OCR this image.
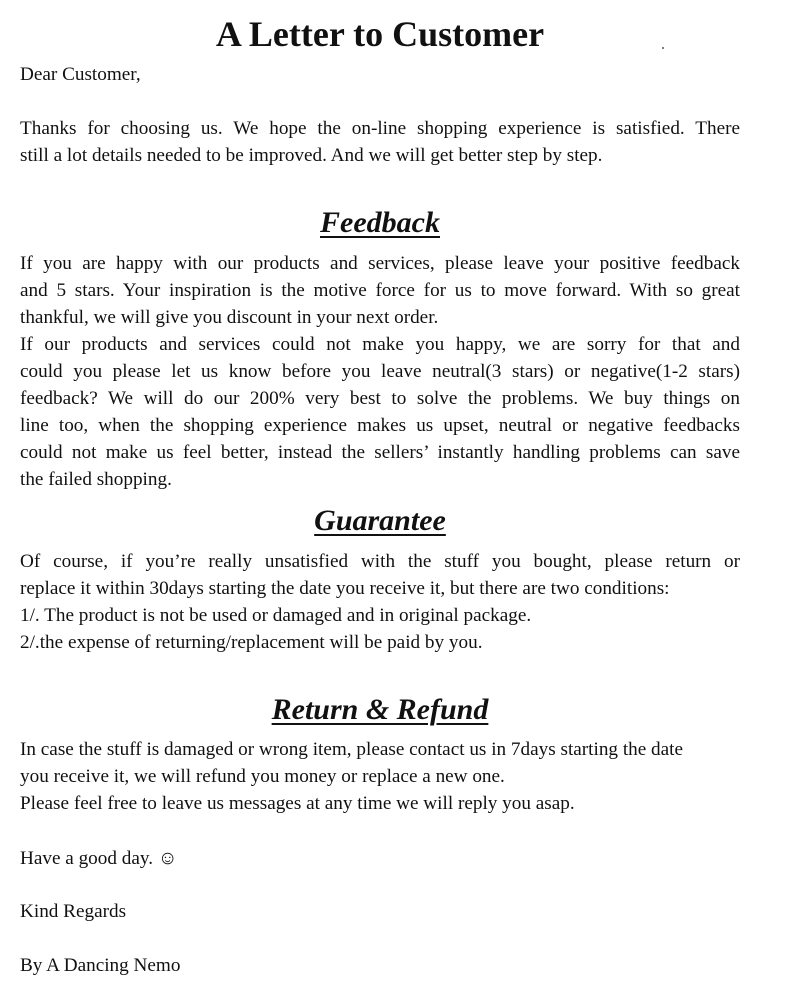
A Letter to Customer

Dear Customer,

Thanks for choosing us. We hope the on-line shopping experience is satisfied. There
still a lot details needed to be improved. And we will get better step by step.
Feedback
If you are happy with our products and services, please leave your positive feedback
and 5 stars. Your inspiration is the motive force for us to move forward. With so great
thankful, we will give you discount in your next order.
If our products and services could not make you happy, we are sorry for that and
could you please let us know before you leave neutral(3 stars) or negative(1-2 stars)
feedback? We will do our 200% very best to solve the problems. We buy things on
line too, when the shopping experience makes us upset, neutral or negative feedbacks
could not make us feel better, instead the sellers’ instantly handling problems can save
the failed shopping.
Guarantee
Of course, if you’re really unsatisfied with the stuff you bought, please return or
replace it within 30days starting the date you receive it, but there are two conditions:
1/. The product is not be used or damaged and in original package.
2/.the expense of returning/replacement will be paid by you.
Return & Refund
In case the stuff is damaged or wrong item, please contact us in 7days starting the date
you receive it, we will refund you money or replace a new one.
Please feel free to leave us messages at any time we will reply you asap.

Have a good day. ☺

Kind Regards

By A Dancing Nemo
